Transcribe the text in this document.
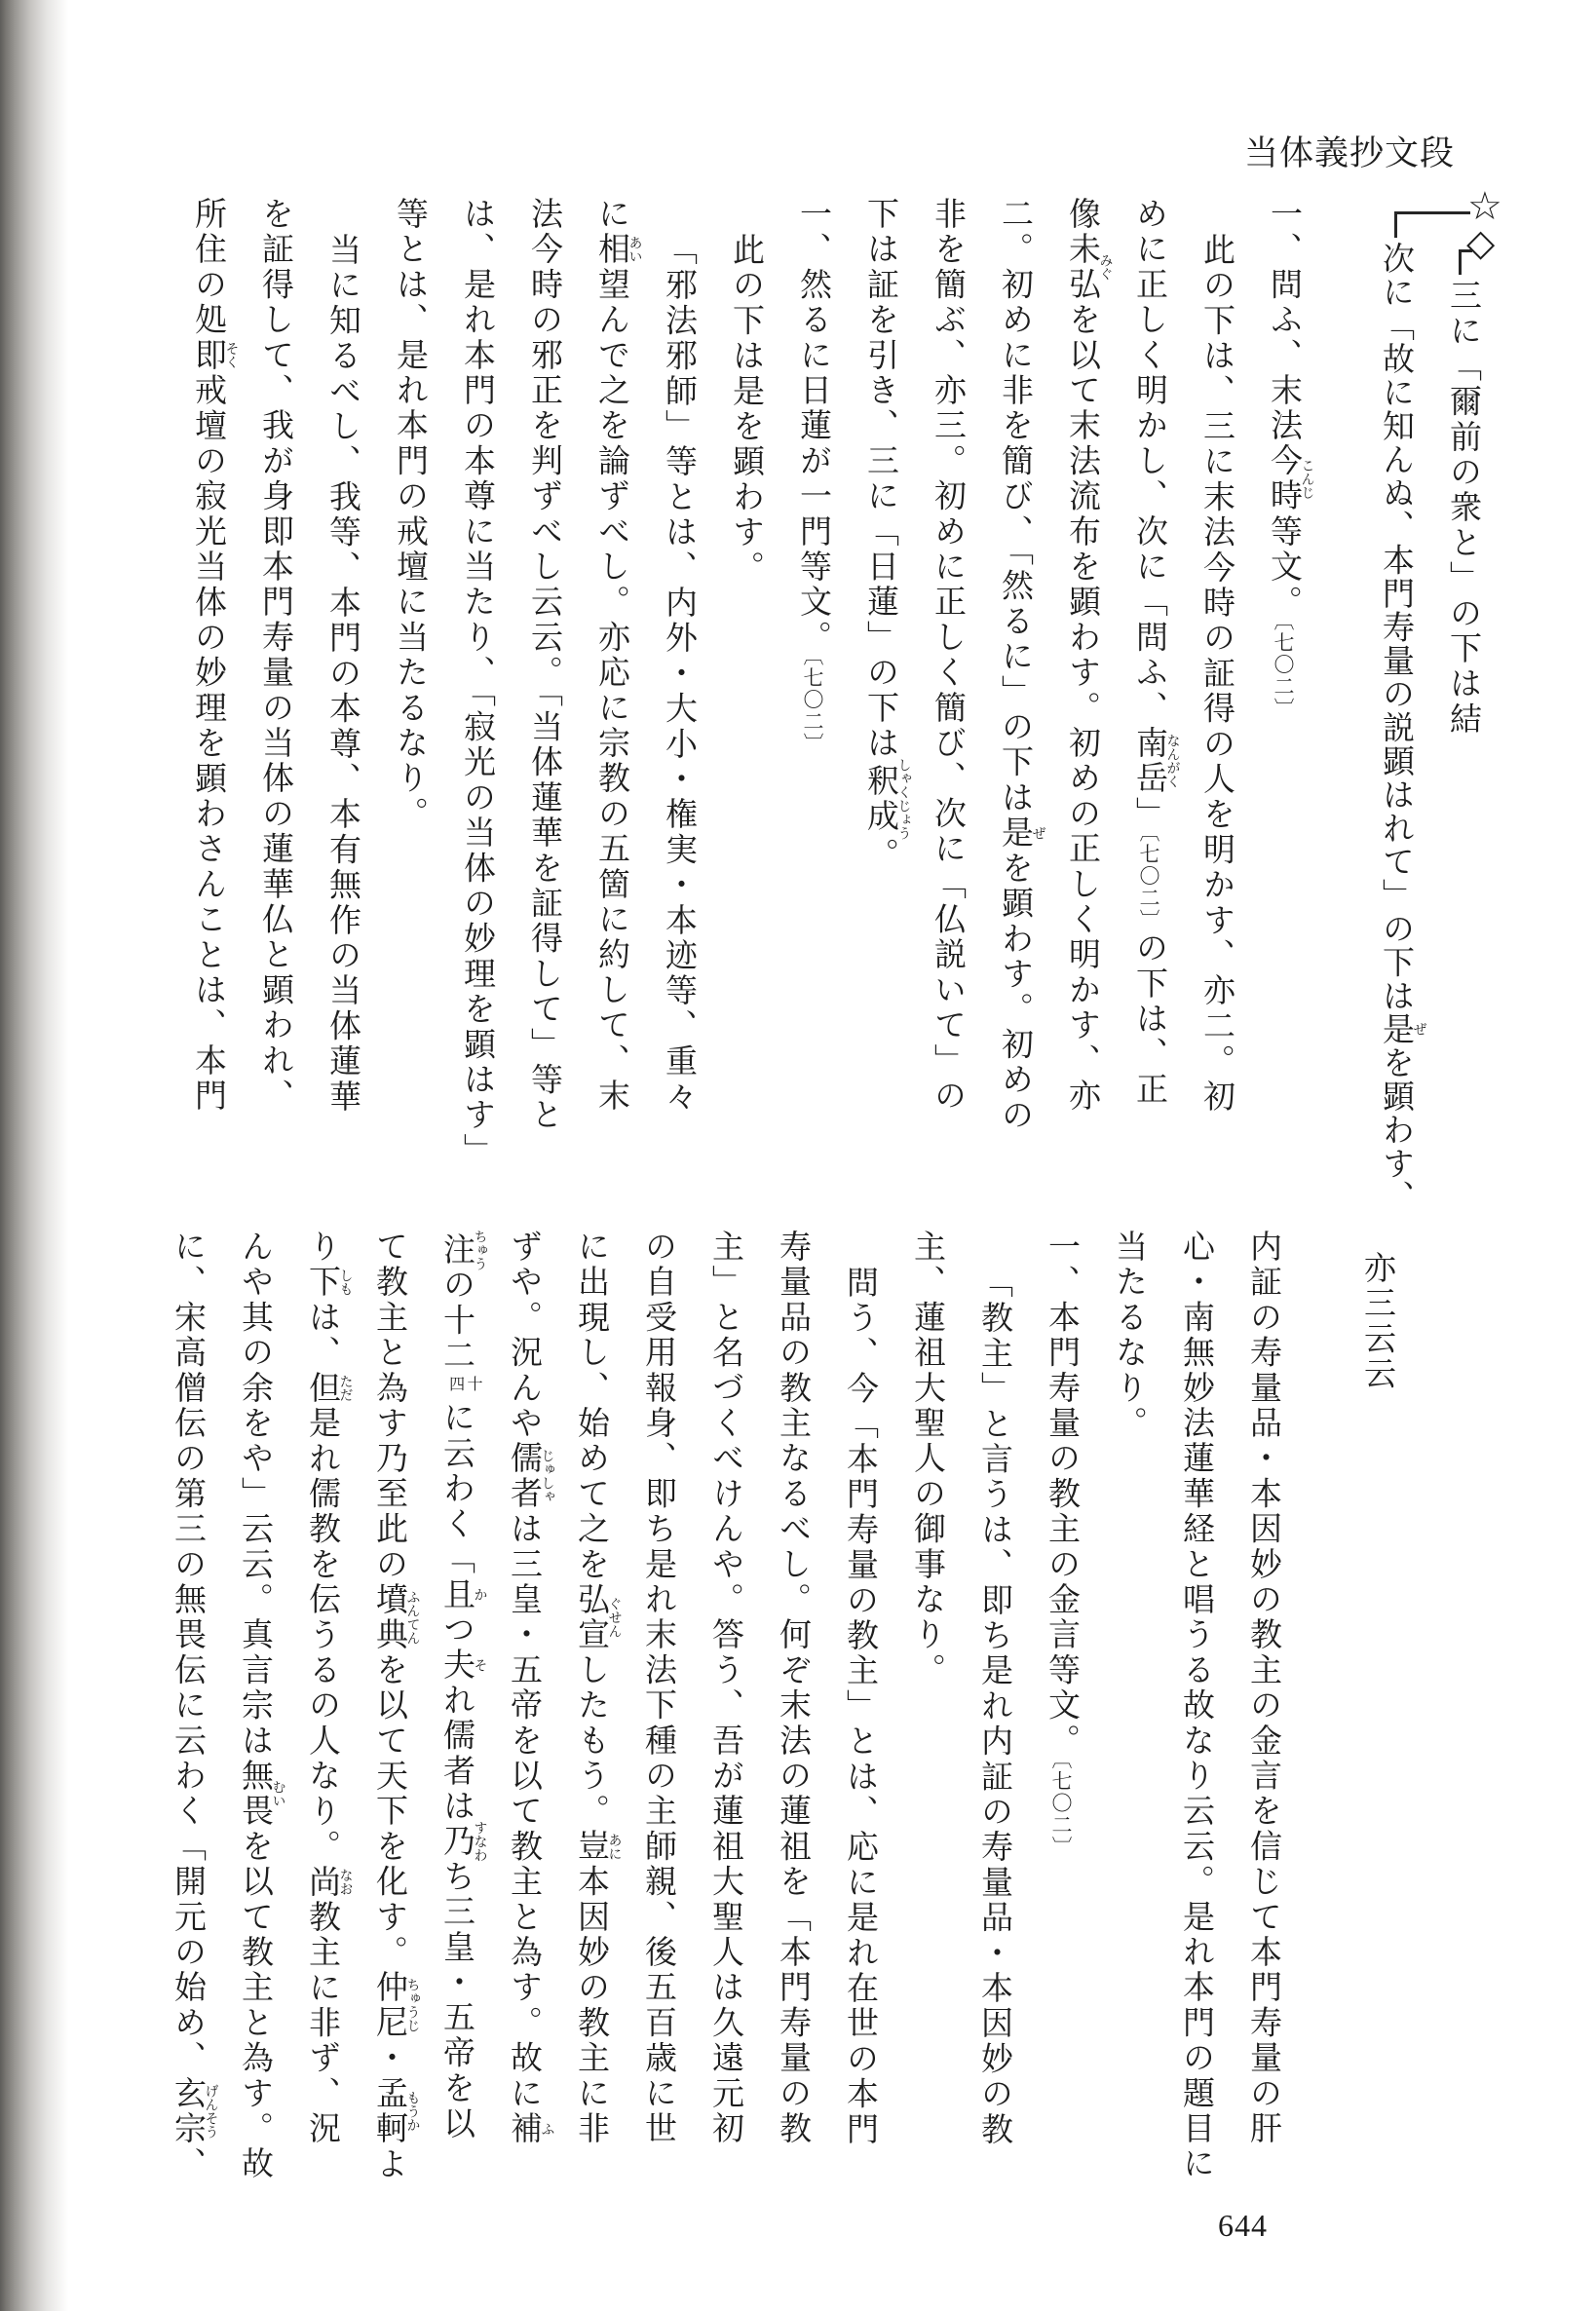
当体義抄文段
☆
◇
三に「爾前の衆と」の下は結
次に「故に知んぬ、本門寿量の説顕はれて」の下は是ぜを顕わす、
一、問ふ、末法今時こんじ等文。〔七〇二〕
此の下は、三に末法今時の証得の人を明かす、亦二。初
めに正しく明かし、次に「問ふ、南岳なんがく」〔七〇二〕の下は、正
像未弘みぐを以て末法流布を顕わす。初めの正しく明かす、亦
二。初めに非を簡び、「然るに」の下は是ぜを顕わす。初めの
非を簡ぶ、亦三。初めに正しく簡び、次に「仏説いて」の
下は証を引き、三に「日蓮」の下は釈成しゃくじょう。
一、然るに日蓮が一門等文。〔七〇二〕
此の下は是を顕わす。
「邪法邪師」等とは、内外・大小・権実・本迹等、重々
に相あい望んで之を論ずべし。亦応に宗教の五箇に約して、末
法今時の邪正を判ずべし云云。「当体蓮華を証得して」等と
は、是れ本門の本尊に当たり、「寂光の当体の妙理を顕はす」
等とは、是れ本門の戒壇に当たるなり。
当に知るべし、我等、本門の本尊、本有無作の当体蓮華
を証得して、我が身即本門寿量の当体の蓮華仏と顕われ、
所住の処即そく戒壇の寂光当体の妙理を顕わさんことは、本門
亦三云云
内証の寿量品・本因妙の教主の金言を信じて本門寿量の肝
心・南無妙法蓮華経と唱うる故なり云云。是れ本門の題目に
当たるなり。
一、本門寿量の教主の金言等文。〔七〇二〕
「教主」と言うは、即ち是れ内証の寿量品・本因妙の教
主、蓮祖大聖人の御事なり。
問う、今「本門寿量の教主」とは、応に是れ在世の本門
寿量品の教主なるべし。何ぞ末法の蓮祖を「本門寿量の教
主」と名づくべけんや。答う、吾が蓮祖大聖人は久遠元初
の自受用報身、即ち是れ末法下種の主師親、後五百歳に世
に出現し、始めて之を弘宣ぐせんしたもう。豈あに本因妙の教主に非
ずや。況んや儒者じゅしゃは三皇・五帝を以て教主と為す。故に補ふ
注ちゅうの十二十四に云わく「且かつ夫それ儒者は乃すなわち三皇・五帝を以
て教主と為す乃至此の墳典ふんてんを以て天下を化す。仲尼ちゅうじ・孟軻もうかよ
り下しもは、但ただ是れ儒教を伝うるの人なり。尚なお教主に非ず、況
んや其の余をや」云云。真言宗は無畏むいを以て教主と為す。故
に、宋高僧伝の第三の無畏伝に云わく「開元の始め、玄宗げんそう、
644
